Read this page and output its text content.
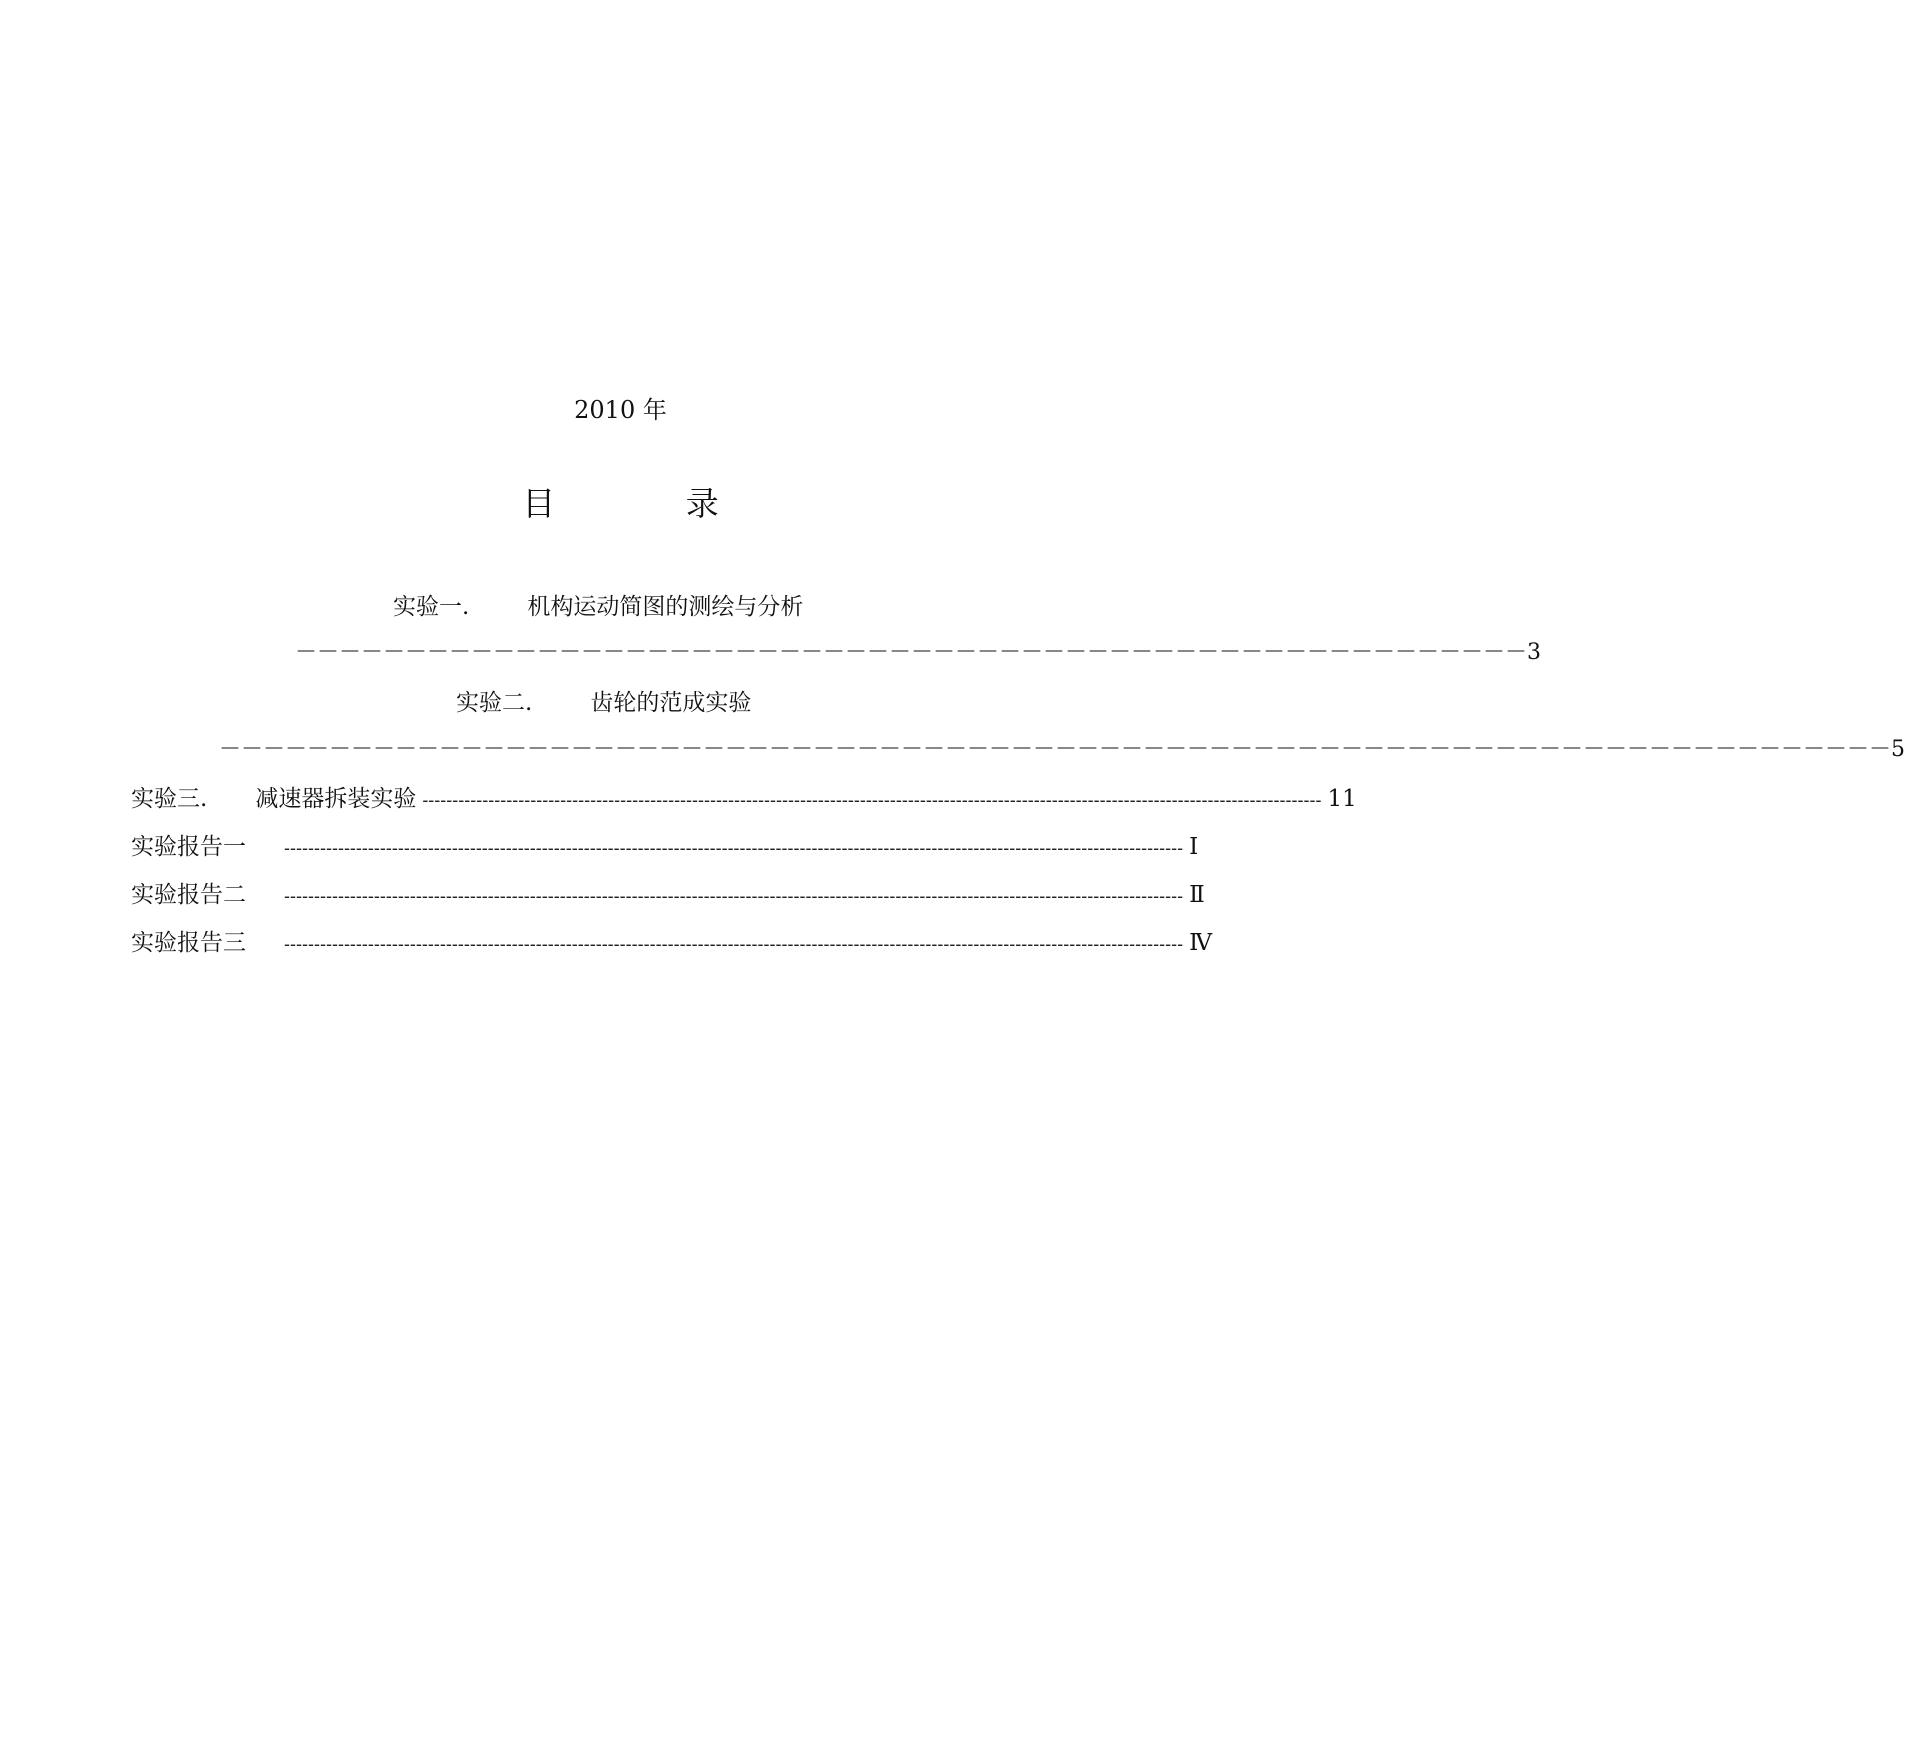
2010 年
目 录
实验一.	机构运动简图的测绘与分析
－－－－－－－－－－－－－－－－－－－－－－－－－－－－－－－－－－－－－－－－－－－－－－－－－－－－－－－－3
实验二.	齿轮的范成实验
－－－－－－－－－－－－－－－－－－－－－－－－－－－－－－－－－－－－－－－－－－－－－－－－－－－－－－－－－－－－－－－－－－－－－－－－－－－－5
实验三. 减速器拆装实验 ------------------------------------------------------------------------------------------------------------------------------------------------------ 11
实验报告一 ------------------------------------------------------------------------------------------------------------------------------------------------------ Ⅰ
实验报告二 ------------------------------------------------------------------------------------------------------------------------------------------------------ Ⅱ
实验报告三 ------------------------------------------------------------------------------------------------------------------------------------------------------ Ⅳ
